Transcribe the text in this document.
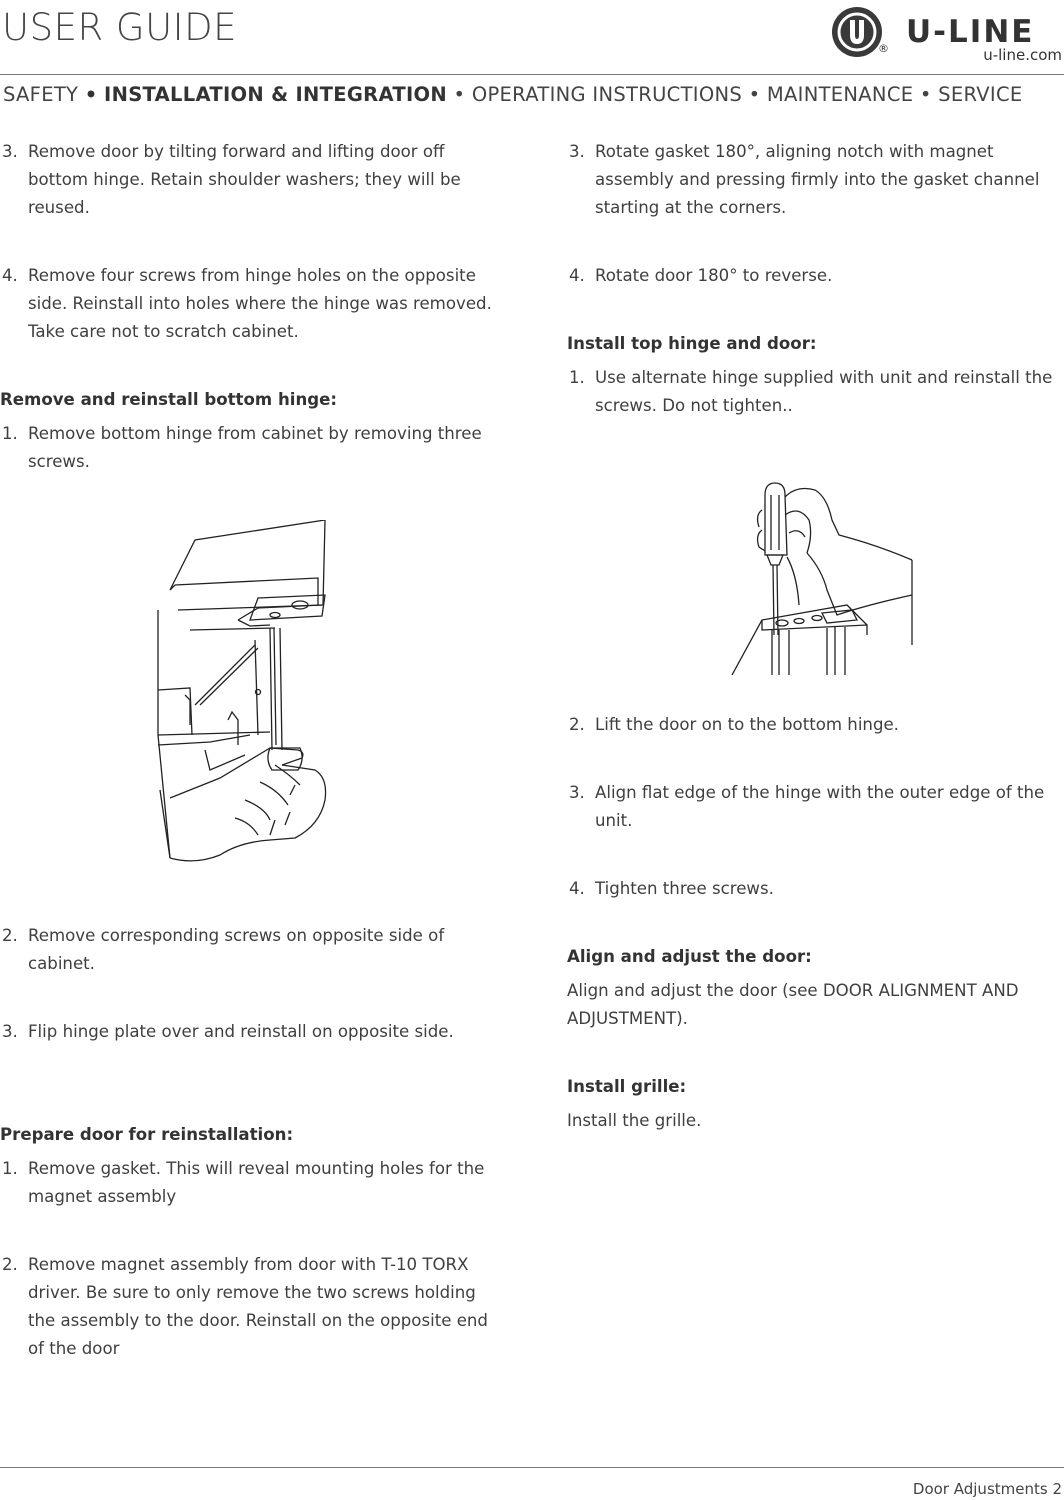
USER GUIDE	® U-LINE
u-line.com
SAFETY • INSTALLATION & INTEGRATION • OPERATING INSTRUCTIONS • MAINTENANCE • SERVICE
3. Remove door by tilting forward and lifting door off bottom hinge. Retain shoulder washers; they will be reused.
4. Remove four screws from hinge holes on the opposite side. Reinstall into holes where the hinge was removed. Take care not to scratch cabinet.
Remove and reinstall bottom hinge:
1. Remove bottom hinge from cabinet by removing three screws.
2. Remove corresponding screws on opposite side of cabinet.
3. Flip hinge plate over and reinstall on opposite side.
Prepare door for reinstallation:
1. Remove gasket. This will reveal mounting holes for the magnet assembly
2. Remove magnet assembly from door with T-10 TORX driver. Be sure to only remove the two screws holding the assembly to the door. Reinstall on the opposite end of the door
3. Rotate gasket 180°, aligning notch with magnet assembly and pressing firmly into the gasket channel starting at the corners.
4. Rotate door 180° to reverse.
Install top hinge and door:
1. Use alternate hinge supplied with unit and reinstall the screws. Do not tighten..
2. Lift the door on to the bottom hinge.
3. Align flat edge of the hinge with the outer edge of the unit.
4. Tighten three screws.
Align and adjust the door:
Align and adjust the door (see DOOR ALIGNMENT AND ADJUSTMENT).
Install grille:
Install the grille.
Door Adjustments 2
